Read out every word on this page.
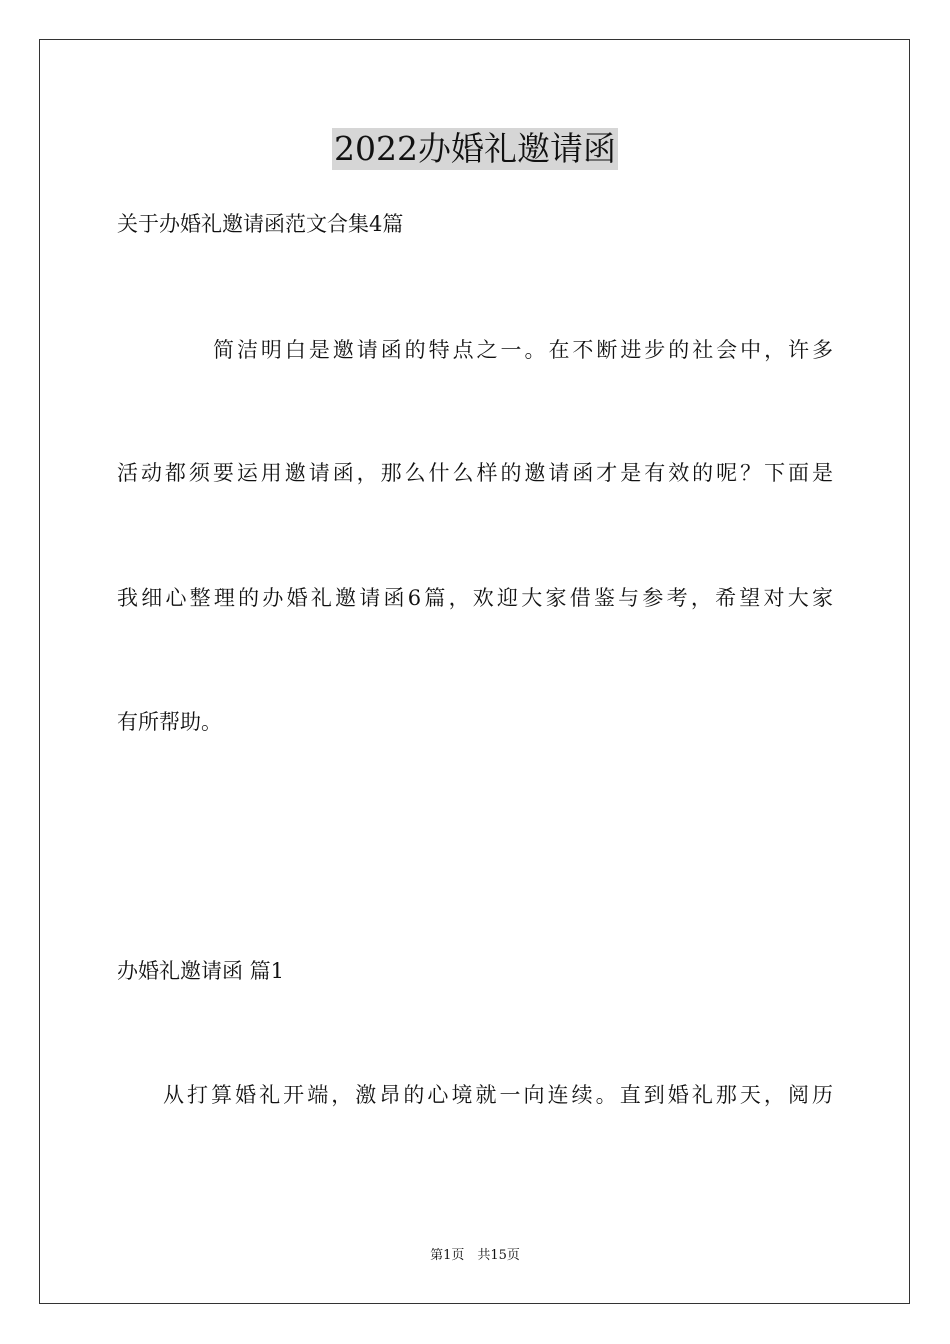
2022办婚礼邀请函
关于办婚礼邀请函范文合集4篇
简洁明白是邀请函的特点之一。在不断进步的社会中，许多
活动都须要运用邀请函，那么什么样的邀请函才是有效的呢？下面是
我细心整理的办婚礼邀请函6篇，欢迎大家借鉴与参考，希望对大家
有所帮助。
办婚礼邀请函 篇1
从打算婚礼开端，激昂的心境就一向连续。直到婚礼那天，阅历
第1页　共15页
